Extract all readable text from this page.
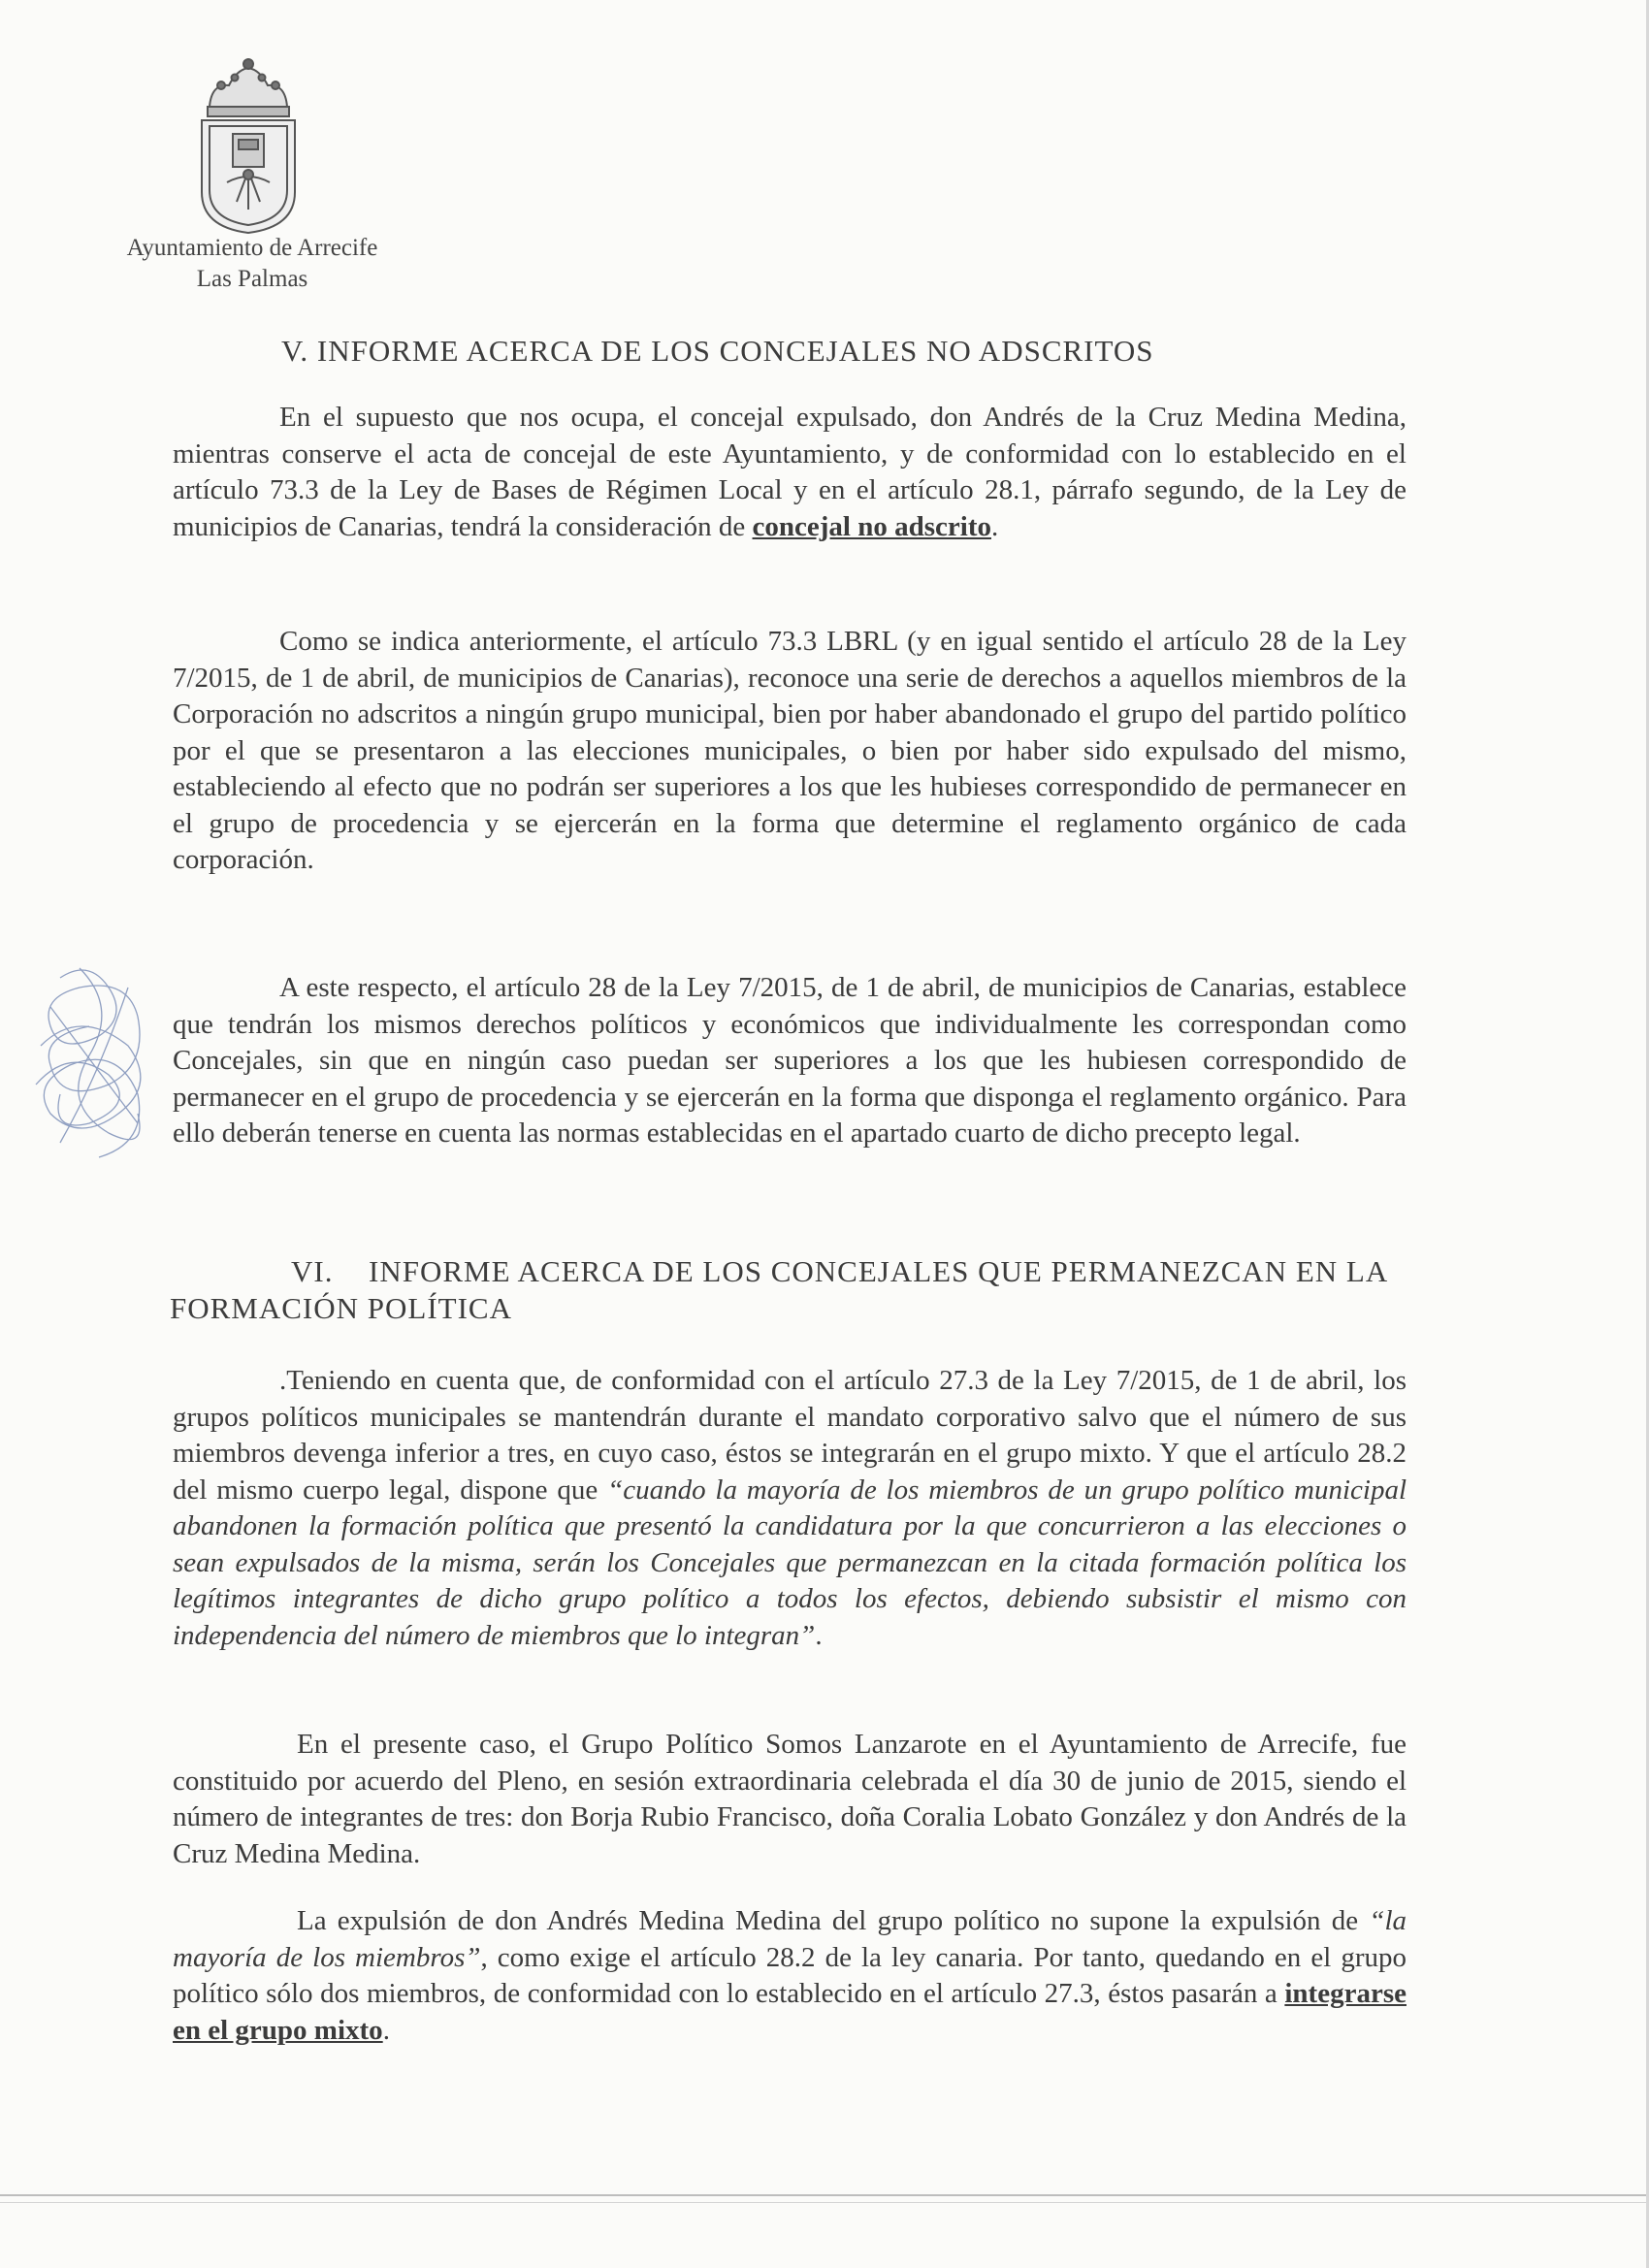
Ayuntamiento de Arrecife
Las Palmas
V. INFORME ACERCA DE LOS CONCEJALES NO ADSCRITOS
En el supuesto que nos ocupa, el concejal expulsado, don Andrés de la Cruz Medina Medina, mientras conserve el acta de concejal de este Ayuntamiento, y de conformidad con lo establecido en el artículo 73.3 de la Ley de Bases de Régimen Local y en el artículo 28.1, párrafo segundo, de la Ley de municipios de Canarias, tendrá la consideración de concejal no adscrito.
Como se indica anteriormente, el artículo 73.3 LBRL (y en igual sentido el artículo 28 de la Ley 7/2015, de 1 de abril, de municipios de Canarias), reconoce una serie de derechos a aquellos miembros de la Corporación no adscritos a ningún grupo municipal, bien por haber abandonado el grupo del partido político por el que se presentaron a las elecciones municipales, o bien por haber sido expulsado del mismo, estableciendo al efecto que no podrán ser superiores a los que les hubieses correspondido de permanecer en el grupo de procedencia y se ejercerán en la forma que determine el reglamento orgánico de cada corporación.
A este respecto, el artículo 28 de la Ley 7/2015, de 1 de abril, de municipios de Canarias, establece que tendrán los mismos derechos políticos y económicos que individualmente les correspondan como Concejales, sin que en ningún caso puedan ser superiores a los que les hubiesen correspondido de permanecer en el grupo de procedencia y se ejercerán en la forma que disponga el reglamento orgánico. Para ello deberán tenerse en cuenta las normas establecidas en el apartado cuarto de dicho precepto legal.
VI. INFORME ACERCA DE LOS CONCEJALES QUE PERMANEZCAN EN LA FORMACIÓN POLÍTICA
.Teniendo en cuenta que, de conformidad con el artículo 27.3 de la Ley 7/2015, de 1 de abril, los grupos políticos municipales se mantendrán durante el mandato corporativo salvo que el número de sus miembros devenga inferior a tres, en cuyo caso, éstos se integrarán en el grupo mixto. Y que el artículo 28.2 del mismo cuerpo legal, dispone que “cuando la mayoría de los miembros de un grupo político municipal abandonen la formación política que presentó la candidatura por la que concurrieron a las elecciones o sean expulsados de la misma, serán los Concejales que permanezcan en la citada formación política los legítimos integrantes de dicho grupo político a todos los efectos, debiendo subsistir el mismo con independencia del número de miembros que lo integran”.
En el presente caso, el Grupo Político Somos Lanzarote en el Ayuntamiento de Arrecife, fue constituido por acuerdo del Pleno, en sesión extraordinaria celebrada el día 30 de junio de 2015, siendo el número de integrantes de tres: don Borja Rubio Francisco, doña Coralia Lobato González y don Andrés de la Cruz Medina Medina.
La expulsión de don Andrés Medina Medina del grupo político no supone la expulsión de “la mayoría de los miembros”, como exige el artículo 28.2 de la ley canaria. Por tanto, quedando en el grupo político sólo dos miembros, de conformidad con lo establecido en el artículo 27.3, éstos pasarán a integrarse en el grupo mixto.
